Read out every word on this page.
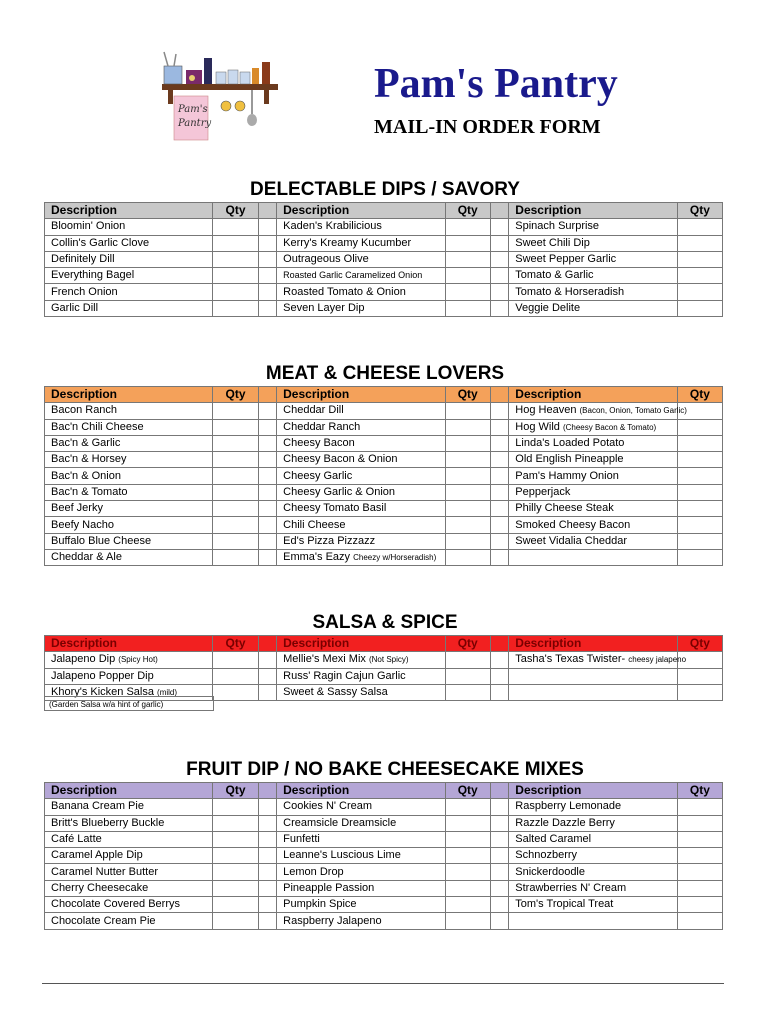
Pam's
Pantry
Pam's Pantry
MAIL-IN ORDER FORM
DELECTABLE DIPS / SAVORY
Description	Qty		Description	Qty		Description	Qty
Bloomin' Onion			Kaden's Krabilicious			Spinach Surprise	
Collin's Garlic Clove			Kerry's Kreamy Kucumber			Sweet Chili Dip	
Definitely Dill			Outrageous Olive			Sweet Pepper Garlic	
Everything Bagel			Roasted Garlic Caramelized Onion			Tomato & Garlic	
French Onion			Roasted Tomato & Onion			Tomato & Horseradish	
Garlic Dill			Seven Layer Dip			Veggie Delite	
MEAT & CHEESE LOVERS
Description	Qty		Description	Qty		Description	Qty
Bacon Ranch			Cheddar Dill			Hog Heaven (Bacon, Onion, Tomato Garlic)	
Bac'n Chili Cheese			Cheddar Ranch			Hog Wild (Cheesy Bacon & Tomato)	
Bac'n & Garlic			Cheesy Bacon			Linda's Loaded Potato	
Bac'n & Horsey			Cheesy Bacon & Onion			Old English Pineapple	
Bac'n & Onion			Cheesy Garlic			Pam's Hammy Onion	
Bac'n & Tomato			Cheesy Garlic & Onion			Pepperjack	
Beef Jerky			Cheesy Tomato Basil			Philly Cheese Steak	
Beefy Nacho			Chili Cheese			Smoked Cheesy Bacon	
Buffalo Blue Cheese			Ed's Pizza Pizzazz			Sweet Vidalia Cheddar	
Cheddar & Ale			Emma's Eazy Cheezy w/Horseradish)				
SALSA & SPICE
Description	Qty		Description	Qty		Description	Qty
Jalapeno Dip (Spicy Hot)			Mellie's Mexi Mix (Not Spicy)			Tasha's Texas Twister- cheesy jalapeno	
Jalapeno Popper Dip			Russ' Ragin Cajun Garlic				
Khory's Kicken Salsa (mild)			Sweet & Sassy Salsa				
(Garden Salsa w/a hint of garlic)
FRUIT DIP / NO BAKE CHEESECAKE MIXES
Description	Qty		Description	Qty		Description	Qty
Banana Cream Pie			Cookies N' Cream			Raspberry Lemonade	
Britt's Blueberry Buckle			Creamsicle Dreamsicle			Razzle Dazzle Berry	
Café Latte			Funfetti			Salted Caramel	
Caramel Apple Dip			Leanne's Luscious Lime			Schnozberry	
Caramel Nutter Butter			Lemon Drop			Snickerdoodle	
Cherry Cheesecake			Pineapple Passion			Strawberries N' Cream	
Chocolate Covered Berrys			Pumpkin Spice			Tom's Tropical Treat	
Chocolate Cream Pie			Raspberry Jalapeno				
